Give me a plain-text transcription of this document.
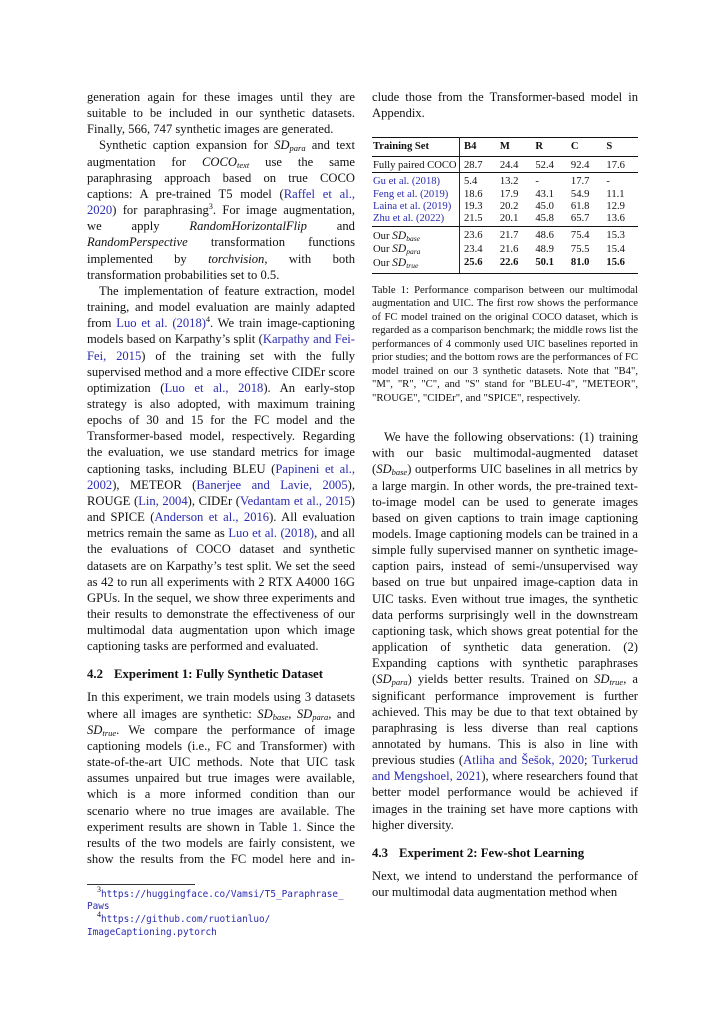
generation again for these images until they are suitable to be included in our synthetic datasets. Finally, 566, 747 synthetic images are generated.

Synthetic caption expansion for $SD_{para}$ and text augmentation for $COCO_{text}$ use the same paraphrasing approach based on true COCO captions: A pre-trained T5 model (Raffel et al., 2020) for paraphrasing$^3$. For image augmentation, we apply RandomHorizontalFlip and RandomPerspective transformation functions implemented by torchvision, with both transformation probabilities set to 0.5.

The implementation of feature extraction, model training, and model evaluation are mainly adapted from Luo et al. $(2018)^4$. We train image-captioning models based on Karpathy’s split (Karpathy and Fei-Fei, 2015) of the training set with the fully supervised method and a more effective CIDEr score optimization (Luo et al., 2018). An early-stop strategy is also adopted, with maximum training epochs of 30 and 15 for the FC model and the Transformer-based model, respectively. Regarding the evaluation, we use standard metrics for image captioning tasks, including BLEU (Papineni et al., 2002), METEOR (Banerjee and Lavie, 2005), ROUGE (Lin, 2004), CIDEr (Vedantam et al., 2015) and SPICE (Anderson et al., 2016). All evaluation metrics remain the same as Luo et al. (2018), and all the evaluations of COCO dataset and synthetic datasets are on Karpathy’s test split. We set the seed as 42 to run all experiments with 2 RTX A4000 16G GPUs. In the sequel, we show three experiments and their results to demonstrate the effectiveness of our multimodal data augmentation upon which image captioning tasks are performed and evaluated.

4.2 Experiment 1: Fully Synthetic Dataset

In this experiment, we train models using 3 datasets where all images are synthetic: $SD_{base}$, $SD_{para}$, and $SD_{true}$. We compare the performance of image captioning models (i.e., FC and Transformer) with state-of-the-art UIC methods. Note that UIC task assumes unpaired but true images were available, which is a more informed condition than our scenario where no true images are available. The experiment results are shown in Table 1. Since the results of the two models are fairly consistent, we show the results from the FC model here and in-

3https://huggingface.co/Vamsi/T5_Paraphrase_ Paws
4https://github.com/ruotianluo/ ImageCaptioning.pytorch

clude those from the Transformer-based model in Appendix.

Training Set	B4	M	R	C	S
Fully paired COCO	28.7	24.4	52.4	92.4	17.6
Gu et al. (2018)	5.4	13.2	-	17.7	-
Feng et al. (2019)	18.6	17.9	43.1	54.9	11.1
Laina et al. (2019)	19.3	20.2	45.0	61.8	12.9
Zhu et al. (2022)	21.5	20.1	45.8	65.7	13.6
Our $SD_{base}$	23.6	21.7	48.6	75.4	15.3
Our $SD_{para}$	23.4	21.6	48.9	75.5	15.4
Our $SD_{true}$	25.6	22.6	50.1	81.0	15.6
Table 1: Performance comparison between our multimodal augmentation and UIC. The first row shows the performance of FC model trained on the original COCO dataset, which is regarded as a comparison benchmark; the middle rows list the performances of 4 commonly used UIC baselines reported in prior studies; and the bottom rows are the performances of FC model trained on our 3 synthetic datasets. Note that "B4", "M", "R", "C", and "S" stand for "BLEU-4", "METEOR", "ROUGE", "CIDEr", and "SPICE", respectively.

We have the following observations: (1) training with our basic multimodal-augmented dataset $(SD_{base})$ outperforms UIC baselines in all metrics by a large margin. In other words, the pre-trained text-to-image model can be used to generate images based on given captions to train image captioning models. Image captioning models can be trained in a simple fully supervised manner on synthetic image-caption pairs, instead of semi-/unsupervised way based on true but unpaired image-caption data in UIC tasks. Even without true images, the synthetic data performs surprisingly well in the downstream captioning task, which shows great potential for the application of synthetic data generation. (2) Expanding captions with synthetic paraphrases $(SD_{para})$ yields better results. Trained on $SD_{true}$, a significant performance improvement is further achieved. This may be due to that text obtained by paraphrasing is less diverse than real captions annotated by humans. This is also in line with previous studies (Atliha and Šešok, 2020; Turkerud and Mengshoel, 2021), where researchers found that better model performance would be achieved if images in the training set have more captions with higher diversity.

4.3 Experiment 2: Few-shot Learning

Next, we intend to understand the performance of our multimodal data augmentation method when
